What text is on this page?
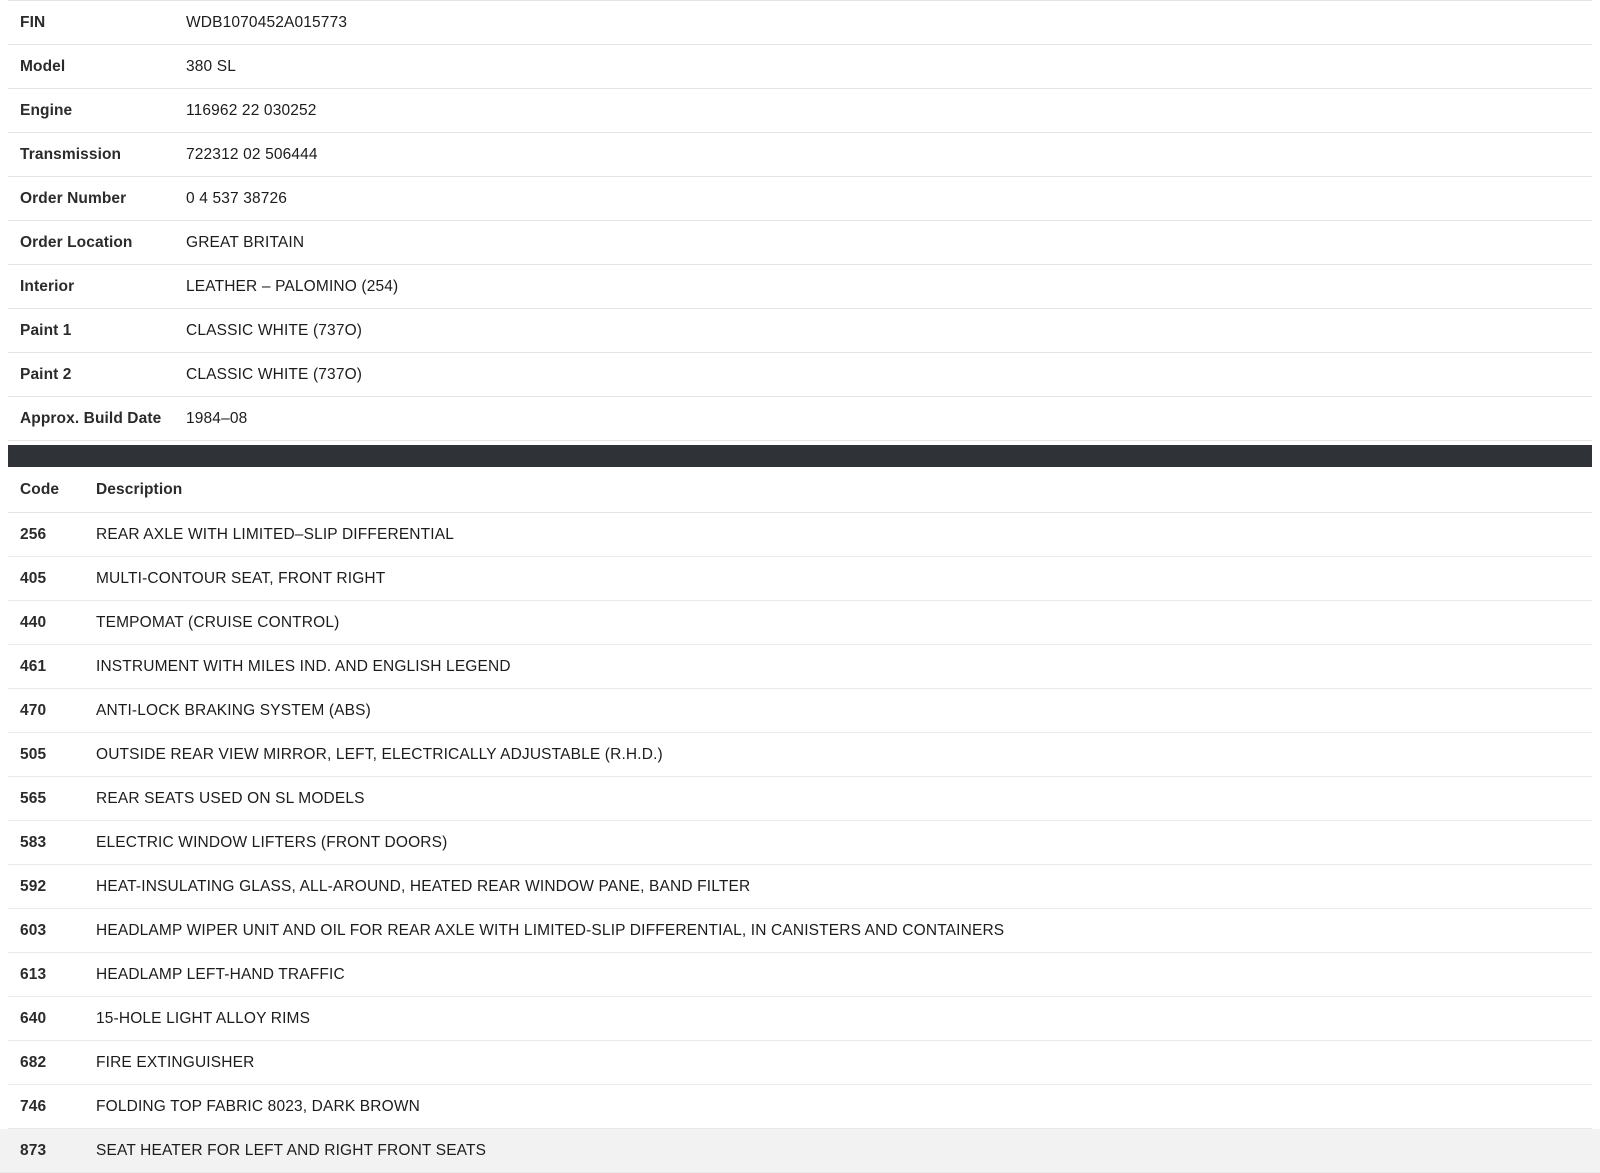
FIN	WDB1070452A015773
Model	380 SL
Engine	116962 22 030252
Transmission	722312 02 506444
Order Number	0 4 537 38726
Order Location	GREAT BRITAIN
Interior	LEATHER – PALOMINO (254)
Paint 1	CLASSIC WHITE (737O)
Paint 2	CLASSIC WHITE (737O)
Approx. Build Date	1984–08
Code	Description
256	REAR AXLE WITH LIMITED–SLIP DIFFERENTIAL
405	MULTI-CONTOUR SEAT, FRONT RIGHT
440	TEMPOMAT (CRUISE CONTROL)
461	INSTRUMENT WITH MILES IND. AND ENGLISH LEGEND
470	ANTI-LOCK BRAKING SYSTEM (ABS)
505	OUTSIDE REAR VIEW MIRROR, LEFT, ELECTRICALLY ADJUSTABLE (R.H.D.)
565	REAR SEATS USED ON SL MODELS
583	ELECTRIC WINDOW LIFTERS (FRONT DOORS)
592	HEAT-INSULATING GLASS, ALL-AROUND, HEATED REAR WINDOW PANE, BAND FILTER
603	HEADLAMP WIPER UNIT AND OIL FOR REAR AXLE WITH LIMITED-SLIP DIFFERENTIAL, IN CANISTERS AND CONTAINERS
613	HEADLAMP LEFT-HAND TRAFFIC
640	15-HOLE LIGHT ALLOY RIMS
682	FIRE EXTINGUISHER
746	FOLDING TOP FABRIC 8023, DARK BROWN
873	SEAT HEATER FOR LEFT AND RIGHT FRONT SEATS
